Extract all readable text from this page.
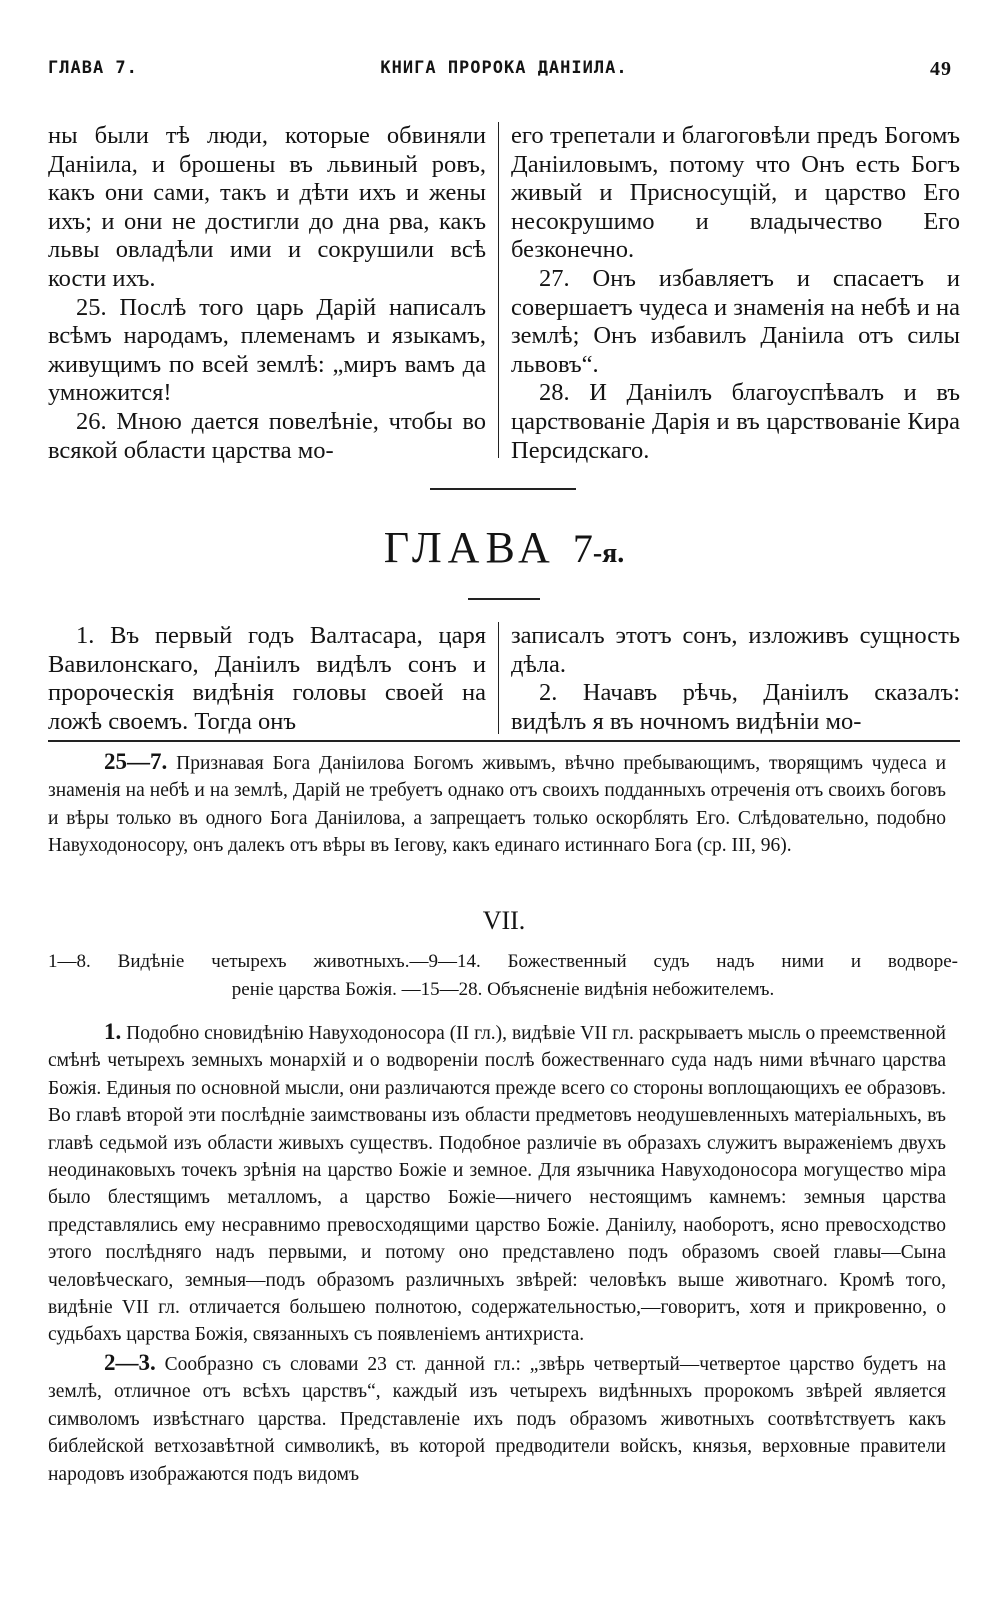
ГЛАВА 7.	КНИГА ПРОРОКА ДАНІИЛА.	49

ны были тѣ люди, которые обвиняли Даніила, и брошены въ львиный ровъ, какъ они сами, такъ и дѣти ихъ и жены ихъ; и они не достигли до дна рва, какъ львы овладѣли ими и сокрушили всѣ кости ихъ.

25. Послѣ того царь Дарій написалъ всѣмъ народамъ, племенамъ и языкамъ, живущимъ по всей землѣ: „миръ вамъ да умножится!

26. Мною дается повелѣніе, чтобы во всякой области царства мо-

его трепетали и благоговѣли предъ Богомъ Даніиловымъ, потому что Онъ есть Богъ живый и Присносущій, и царство Его несокрушимо и владычество Его безконечно.

27. Онъ избавляетъ и спасаетъ и совершаетъ чудеса и знаменія на небѣ и на землѣ; Онъ избавилъ Даніила отъ силы львовъ“.

28. И Даніилъ благоуспѣвалъ и въ царствованіе Дарія и въ царствованіе Кира Персидскаго.

ГЛАВА 7-я.

1. Въ первый годъ Валтасара, царя Вавилонскаго, Даніилъ видѣлъ сонъ и пророческія видѣнія головы своей на ложѣ своемъ. Тогда онъ

записалъ этотъ сонъ, изложивъ сущность дѣла.

2. Начавъ рѣчь, Даніилъ сказалъ: видѣлъ я въ ночномъ видѣніи мо-

25—7. Признавая Бога Даніилова Богомъ живымъ, вѣчно пребывающимъ, творящимъ чудеса и знаменія на небѣ и на землѣ, Дарій не требуетъ однако отъ своихъ подданныхъ отреченія отъ своихъ боговъ и вѣры только въ одного Бога Даніилова, а запрещаетъ только оскорблять Его. Слѣдовательно, подобно Навуходоносору, онъ далекъ отъ вѣры въ Іегову, какъ единаго истиннаго Бога (ср. III, 96).

VII.
1—8. Видѣніе четырехъ животныхъ.—9—14. Божественный судъ надъ ними и водворе-
реніе царства Божія. —15—28. Объясненіе видѣнія небожителемъ.

1. Подобно сновидѣнію Навуходоносора (II гл.), видѣвіе VII гл. раскрываетъ мысль о преемственной смѣнѣ четырехъ земныхъ монархій и о водвореніи послѣ божественнаго суда надъ ними вѣчнаго царства Божія. Единыя по основной мысли, они различаются прежде всего со стороны воплощающихъ ее образовъ. Во главѣ второй эти послѣдніе заимствованы изъ области предметовъ неодушевленныхъ матеріальныхъ, въ главѣ седьмой изъ области живыхъ существъ. Подобное различіе въ образахъ служитъ выраженіемъ двухъ неодинаковыхъ точекъ зрѣнія на царство Божіе и земное. Для язычника Навуходоносора могущество міра было блестящимъ металломъ, а царство Божіе—ничего нестоящимъ камнемъ: земныя царства представлялись ему несравнимо превосходящими царство Божіе. Даніилу, наоборотъ, ясно превосходство этого послѣдняго надъ первыми, и потому оно представлено подъ образомъ своей главы—Сына человѣческаго, земныя—подъ образомъ различныхъ звѣрей: человѣкъ выше животнаго. Кромѣ того, видѣніе VII гл. отличается большею полнотою, содержательностью,—говоритъ, хотя и прикровенно, о судьбахъ царства Божія, связанныхъ съ появленіемъ антихриста.

2—3. Сообразно съ словами 23 ст. данной гл.: „звѣрь четвертый—четвертое царство будетъ на землѣ, отличное отъ всѣхъ царствъ“, каждый изъ четырехъ видѣнныхъ пророкомъ звѣрей является символомъ извѣстнаго царства. Представленіе ихъ подъ образомъ животныхъ соотвѣтствуетъ какъ библейской ветхозавѣтной символикѣ, въ которой предводители войскъ, князья, верховные правители народовъ изображаются подъ видомъ
